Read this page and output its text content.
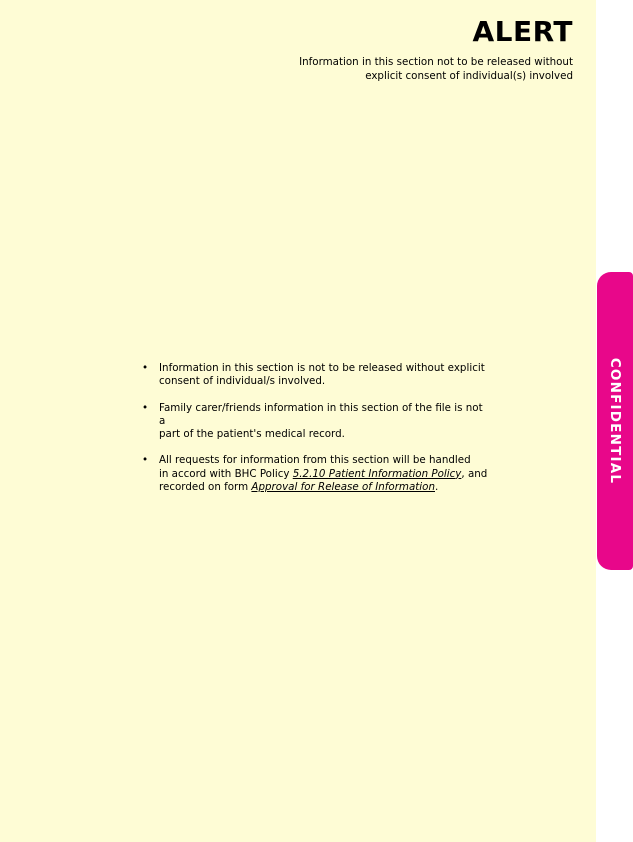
ALERT
Information in this section not to be released without
explicit consent of individual(s) involved
• Information in this section is not to be released without explicit
consent of individual/s involved.
• Family carer/friends information in this section of the file is not a
part of the patient's medical record.
• All requests for information from this section will be handled
in accord with BHC Policy 5.2.10 Patient Information Policy, and
recorded on form Approval for Release of Information.
CONFIDENTIAL
